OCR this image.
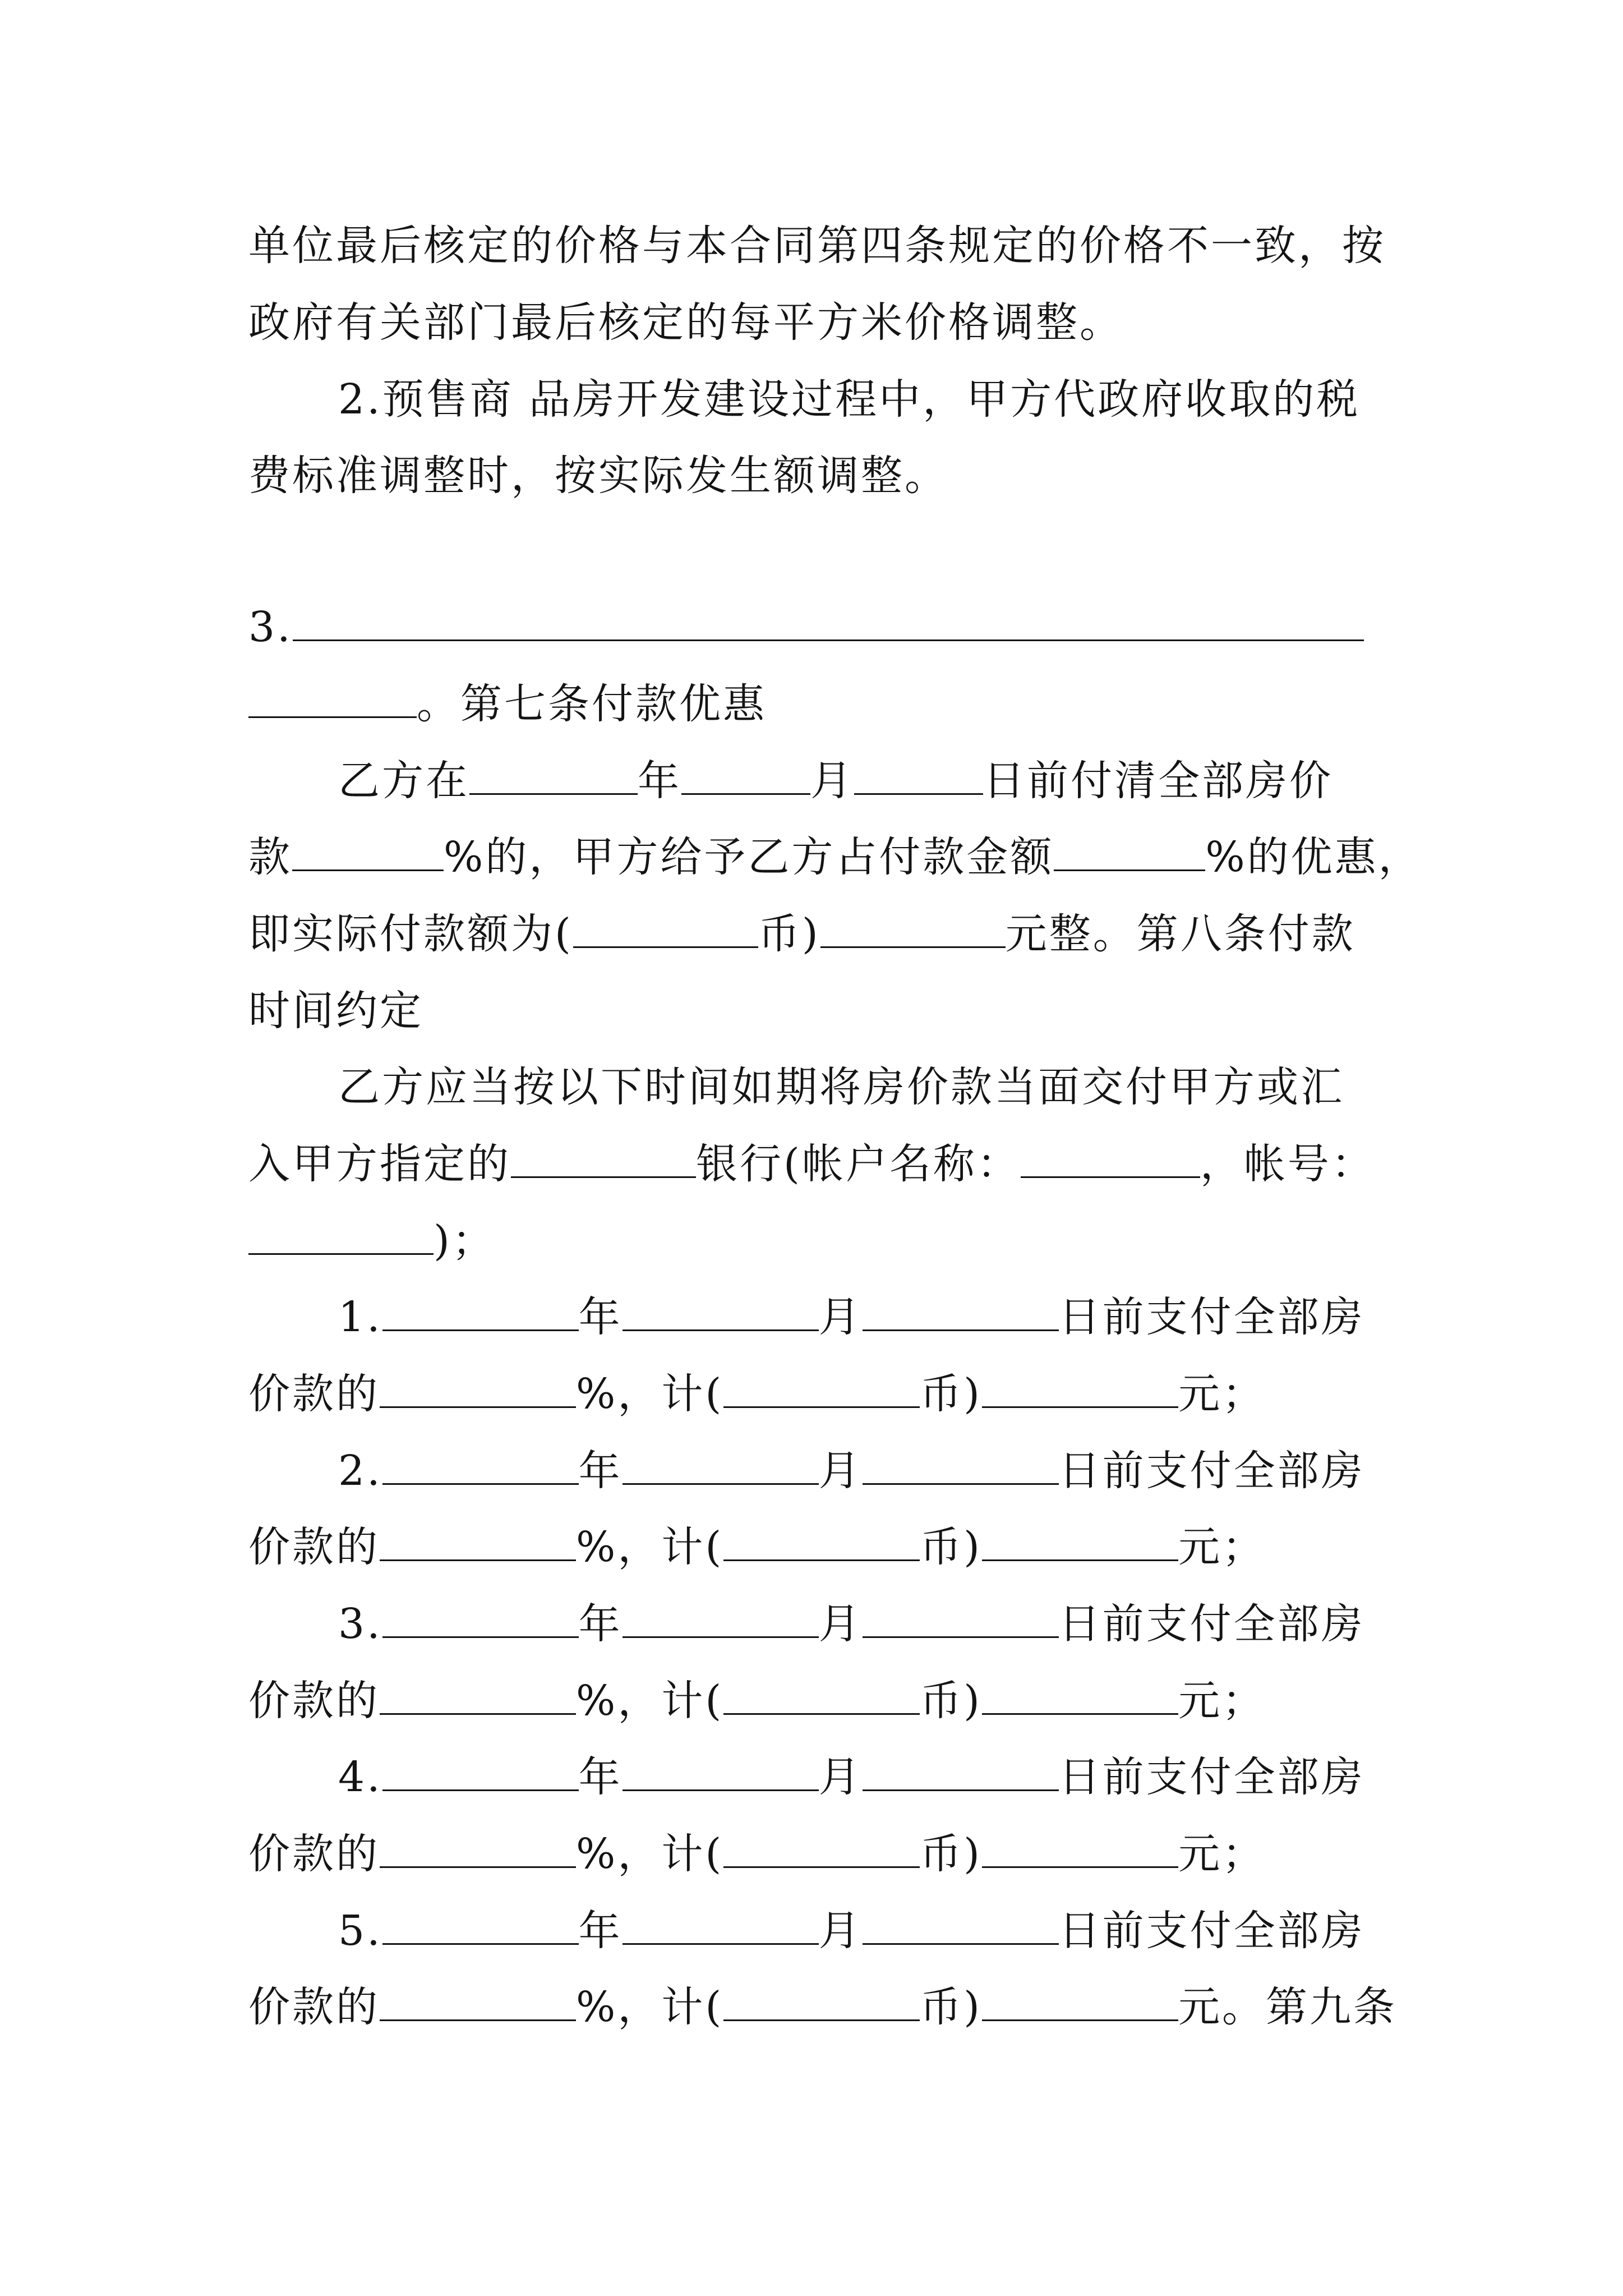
单位最后核定的价格与本合同第四条规定的价格不一致，按
政府有关部门最后核定的每平方米价格调整。
2.预售商 品房开发建设过程中，甲方代政府收取的税
费标准调整时，按实际发生额调整。
3.
。第七条付款优惠
乙方在	年	月	日前付清全部房价
款	%的，甲方给予乙方占付款金额	%的优惠，
即实际付款额为(	币)	元整。第八条付款
时间约定
乙方应当按以下时间如期将房价款当面交付甲方或汇
入甲方指定的	银行(帐户名称：	，帐号：
)；
1.	年	月	日前支付全部房
价款的	%，计(	币)	元；
2.	年	月	日前支付全部房
价款的	%，计(	币)	元；
3.	年	月	日前支付全部房
价款的	%，计(	币)	元；
4.	年	月	日前支付全部房
价款的	%，计(	币)	元；
5.	年	月	日前支付全部房
价款的	%，计(	币)	元。第九条
